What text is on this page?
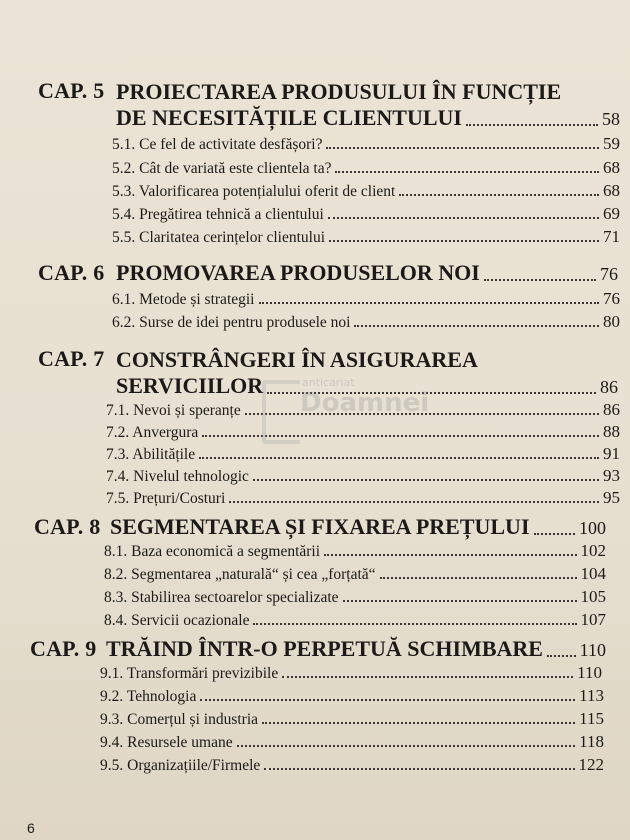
CAP. 5 PROIECTAREA PRODUSULUI ÎN FUNCȚIE
DE NECESITĂȚILE CLIENTULUI	58
5.1. Ce fel de activitate desfășori?	59
5.2. Cât de variată este clientela ta?	68
5.3. Valorificarea potențialului oferit de client	68
5.4. Pregătirea tehnică a clientului	69
5.5. Claritatea cerințelor clientului	71
CAP. 6 PROMOVAREA PRODUSELOR NOI	76
6.1. Metode și strategii	76
6.2. Surse de idei pentru produsele noi	80
CAP. 7 CONSTRÂNGERI ÎN ASIGURAREA
SERVICIILOR	86
7.1. Nevoi și speranțe	86
7.2. Anvergura	88
7.3. Abilitățile	91
7.4. Nivelul tehnologic	93
7.5. Prețuri/Costuri	95
CAP. 8 SEGMENTAREA ȘI FIXAREA PREȚULUI	100
8.1. Baza economică a segmentării	102
8.2. Segmentarea „naturală“ și cea „forțată“	104
8.3. Stabilirea sectoarelor specializate	105
8.4. Servicii ocazionale	107
CAP. 9 TRĂIND ÎNTR-O PERPETUĂ SCHIMBARE 110
9.1. Transformări previzibile	110
9.2. Tehnologia	113
9.3. Comerțul și industria	115
9.4. Resursele umane	118
9.5. Organizațiile/Firmele	122
anticariat
Doamnei
6
